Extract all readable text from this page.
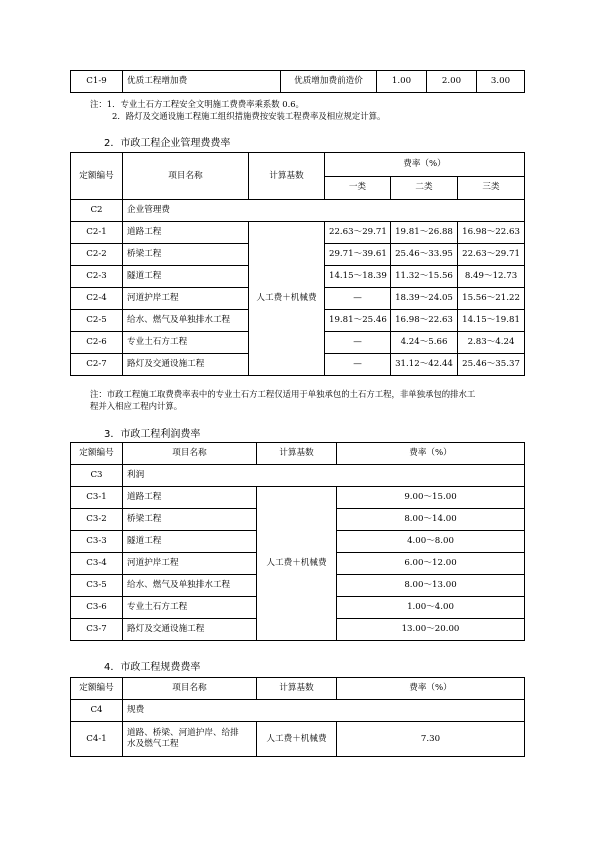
C1-9	优质工程增加费	优质增加费前造价	1.00	2.00	3.00
注：1．专业土石方工程安全文明施工费费率乘系数 0.6。
2．路灯及交通设施工程施工组织措施费按安装工程费率及相应规定计算。
2．市政工程企业管理费费率
定额编号	项目名称	计算基数	费率（%）		
			一类	二类	三类
C2	企业管理费				
C2-1	道路工程	人工费＋机械费	22.63～29.71	19.81～26.88	16.98～22.63
C2-2	桥梁工程		29.71～39.61	25.46～33.95	22.63～29.71
C2-3	隧道工程		14.15～18.39	11.32～15.56	8.49～12.73
C2-4	河道护岸工程		—	18.39～24.05	15.56～21.22
C2-5	给水、燃气及单独排水工程		19.81～25.46	16.98～22.63	14.15～19.81
C2-6	专业土石方工程		—	4.24～5.66	2.83～4.24
C2-7	路灯及交通设施工程		—	31.12～42.44	25.46～35.37
注：市政工程施工取费费率表中的专业土石方工程仅适用于单独承包的土石方工程，非单独承包的排水工
程并入相应工程内计算。
3．市政工程利润费率
定额编号	项目名称	计算基数	费率（%）
C3	利润		
C3-1	道路工程	人工费＋机械费	9.00～15.00
C3-2	桥梁工程		8.00～14.00
C3-3	隧道工程		4.00～8.00
C3-4	河道护岸工程		6.00～12.00
C3-5	给水、燃气及单独排水工程		8.00～13.00
C3-6	专业土石方工程		1.00～4.00
C3-7	路灯及交通设施工程		13.00～20.00
4．市政工程规费费率
定额编号	项目名称	计算基数	费率（%）
C4	规费		
C4-1	道路、桥梁、河道护岸、给排
水及燃气工程	人工费＋机械费	7.30
